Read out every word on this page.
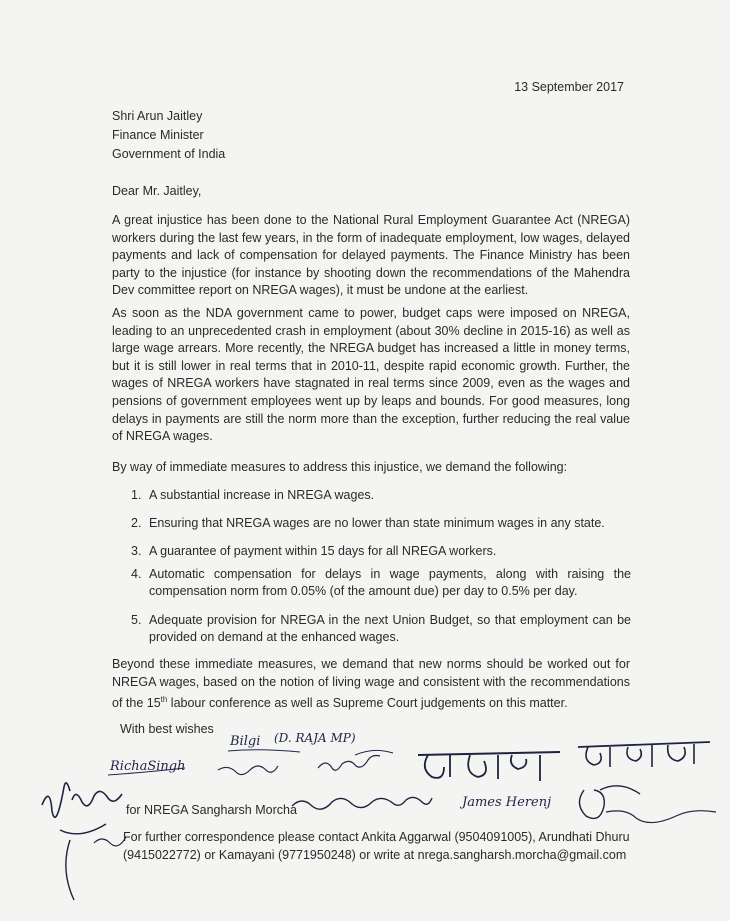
13 September 2017
Shri Arun Jaitley
Finance Minister
Government of India
Dear Mr. Jaitley,

A great injustice has been done to the National Rural Employment Guarantee Act (NREGA) workers during the last few years, in the form of inadequate employment, low wages, delayed payments and lack of compensation for delayed payments. The Finance Ministry has been party to the injustice (for instance by shooting down the recommendations of the Mahendra Dev committee report on NREGA wages), it must be undone at the earliest.

As soon as the NDA government came to power, budget caps were imposed on NREGA, leading to an unprecedented crash in employment (about 30% decline in 2015-16) as well as large wage arrears. More recently, the NREGA budget has increased a little in money terms, but it is still lower in real terms that in 2010-11, despite rapid economic growth. Further, the wages of NREGA workers have stagnated in real terms since 2009, even as the wages and pensions of government employees went up by leaps and bounds. For good measures, long delays in payments are still the norm more than the exception, further reducing the real value of NREGA wages.

By way of immediate measures to address this injustice, we demand the following:

1. A substantial increase in NREGA wages.
2. Ensuring that NREGA wages are no lower than state minimum wages in any state.
3. A guarantee of payment within 15 days for all NREGA workers.
4. Automatic compensation for delays in wage payments, along with raising the compensation norm from 0.05% (of the amount due) per day to 0.5% per day.
5. Adequate provision for NREGA in the next Union Budget, so that employment can be provided on demand at the enhanced wages.

Beyond these immediate measures, we demand that new norms should be worked out for NREGA wages, based on the notion of living wage and consistent with the recommendations of the 15th labour conference as well as Supreme Court judgements on this matter.

With best wishes
Bilgi (D. RAJA MP)
RichaSingh
James Herenj
for NREGA Sangharsh Morcha
For further correspondence please contact Ankita Aggarwal (9504091005), Arundhati Dhuru
(9415022772) or Kamayani (9771950248) or write at nrega.sangharsh.morcha@gmail.com
